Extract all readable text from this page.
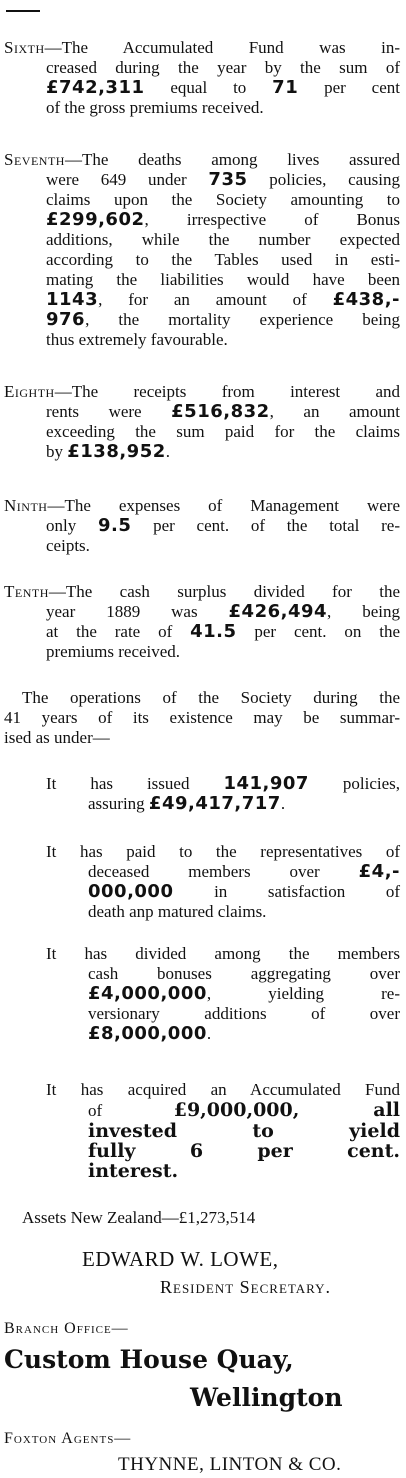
Sixth—The Accumulated Fund was in-
creased during the year by the sum of
£742,311 equal to 71 per cent
of the gross premiums received.
Seventh—The deaths among lives assured
were 649 under 735 policies, causing
claims upon the Society amounting to
£299,602, irrespective of Bonus
additions, while the number expected
according to the Tables used in esti-
mating the liabilities would have been
1143, for an amount of £438,-
976, the mortality experience being
thus extremely favourable.
Eighth—The receipts from interest and
rents were £516,832, an amount
exceeding the sum paid for the claims
by £138,952.
Ninth—The expenses of Management were
only 9.5 per cent. of the total re-
ceipts.
Tenth—The cash surplus divided for the
year 1889 was £426,494, being
at the rate of 41.5 per cent. on the
premiums received.
The operations of the Society during the
41 years of its existence may be summar-
ised as under—
It has issued 141,907 policies,
assuring £49,417,717.
It has paid to the representatives of
deceased members over £4,-
000,000 in satisfaction of
death anp matured claims.
It has divided among the members
cash bonuses aggregating over
£4,000,000, yielding re-
versionary additions of over
£8,000,000.
It has acquired an Accumulated Fund
of	£9,000,000, all
invested to yield
fully 6 per cent.
interest.
Assets New Zealand—£1,273,514
EDWARD W. LOWE,
Resident Secretary.
Branch Office—
Custom House Quay,
Wellington
Foxton Agents—
THYNNE, LINTON & CO.
